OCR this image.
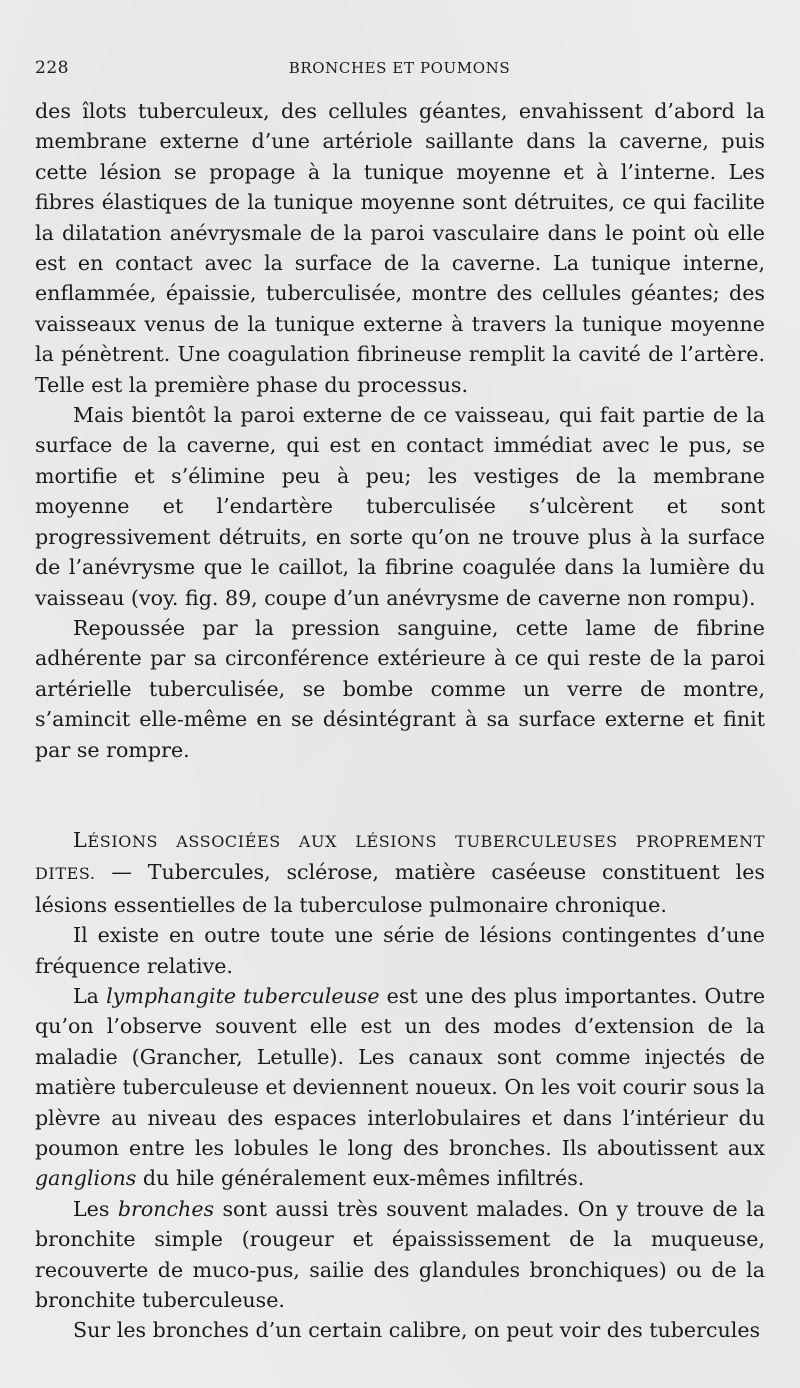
228	BRONCHES ET POUMONS

des îlots tuberculeux, des cellules géantes, envahissent d’abord la membrane externe d’une artériole saillante dans la caverne, puis cette lésion se propage à la tunique moyenne et à l’interne. Les fibres élastiques de la tunique moyenne sont détruites, ce qui facilite la dilatation anévrysmale de la paroi vasculaire dans le point où elle est en contact avec la surface de la caverne. La tunique interne, enflammée, épaissie, tuberculisée, montre des cellules géantes; des vaisseaux venus de la tunique externe à travers la tunique moyenne la pénètrent. Une coagulation fibrineuse remplit la cavité de l’artère. Telle est la première phase du processus.

Mais bientôt la paroi externe de ce vaisseau, qui fait partie de la surface de la caverne, qui est en contact immédiat avec le pus, se mortifie et s’élimine peu à peu; les vestiges de la membrane moyenne et l’endartère tuberculisée s’ulcèrent et sont progressivement détruits, en sorte qu’on ne trouve plus à la surface de l’anévrysme que le caillot, la fibrine coagulée dans la lumière du vaisseau (voy. fig. 89, coupe d’un anévrysme de caverne non rompu).

Repoussée par la pression sanguine, cette lame de fibrine adhérente par sa circonférence extérieure à ce qui reste de la paroi artérielle tuberculisée, se bombe comme un verre de montre, s’amincit elle-même en se désintégrant à sa surface externe et finit par se rompre.

LÉSIONS ASSOCIÉES AUX LÉSIONS TUBERCULEUSES PROPREMENT DITES. — Tubercules, sclérose, matière caséeuse constituent les lésions essentielles de la tuberculose pulmonaire chronique.

Il existe en outre toute une série de lésions contingentes d’une fréquence relative.

La lymphangite tuberculeuse est une des plus importantes. Outre qu’on l’observe souvent elle est un des modes d’extension de la maladie (Grancher, Letulle). Les canaux sont comme injectés de matière tuberculeuse et deviennent noueux. On les voit courir sous la plèvre au niveau des espaces interlobulaires et dans l’intérieur du poumon entre les lobules le long des bronches. Ils aboutissent aux ganglions du hile généralement eux-mêmes infiltrés.

Les bronches sont aussi très souvent malades. On y trouve de la bronchite simple (rougeur et épaississement de la muqueuse, recouverte de muco-pus, sailie des glandules bronchiques) ou de la bronchite tuberculeuse.

Sur les bronches d’un certain calibre, on peut voir des tubercules
